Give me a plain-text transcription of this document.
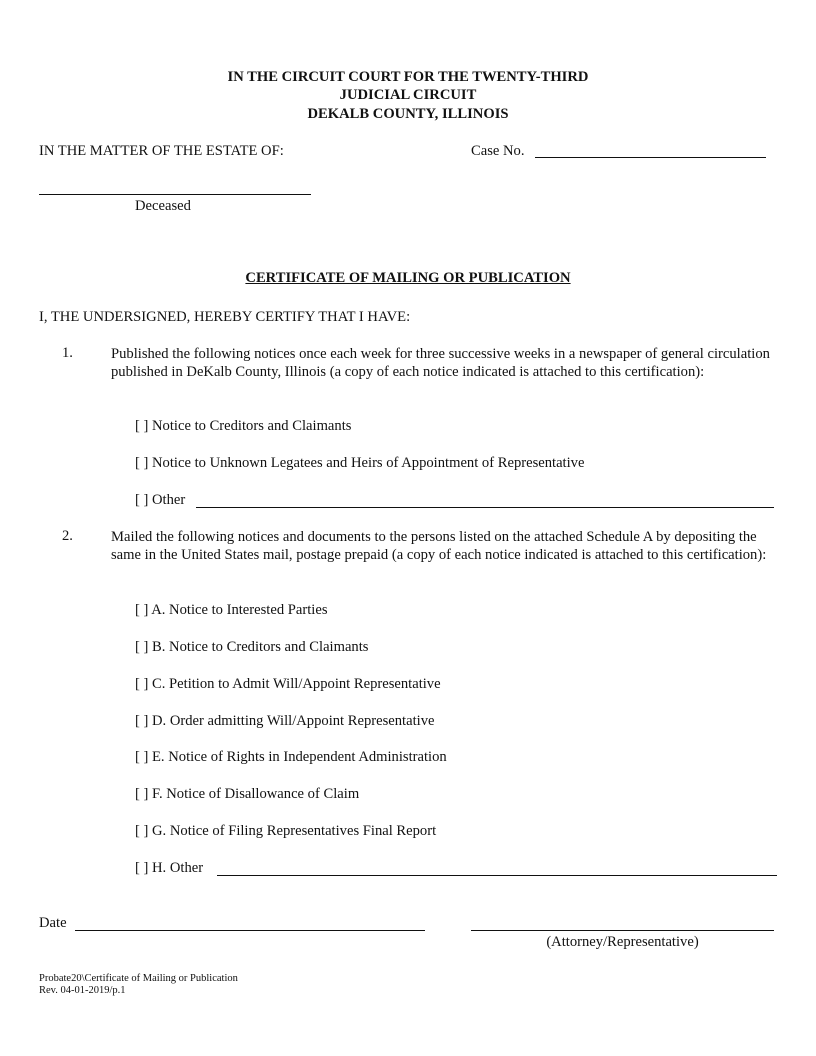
IN THE CIRCUIT COURT FOR THE TWENTY-THIRD
JUDICIAL CIRCUIT
DEKALB COUNTY, ILLINOIS
IN THE MATTER OF THE ESTATE OF:	Case No.
Deceased
CERTIFICATE OF MAILING OR PUBLICATION
I, THE UNDERSIGNED, HEREBY CERTIFY THAT I HAVE:
1.	Published the following notices once each week for three successive weeks in a newspaper of general circulation published in DeKalb County, Illinois (a copy of each notice indicated is attached to this certification):
[ ] Notice to Creditors and Claimants
[ ] Notice to Unknown Legatees and Heirs of Appointment of Representative
[ ] Other
2.	Mailed the following notices and documents to the persons listed on the attached Schedule A by depositing the same in the United States mail, postage prepaid (a copy of each notice indicated is attached to this certification):
[ ] A. Notice to Interested Parties
[ ] B. Notice to Creditors and Claimants
[ ] C. Petition to Admit Will/Appoint Representative
[ ] D. Order admitting Will/Appoint Representative
[ ] E. Notice of Rights in Independent Administration
[ ] F. Notice of Disallowance of Claim
[ ] G. Notice of Filing Representatives Final Report
[ ] H. Other
Date
(Attorney/Representative)
Probate20\Certificate of Mailing or Publication
Rev. 04-01-2019/p.1
